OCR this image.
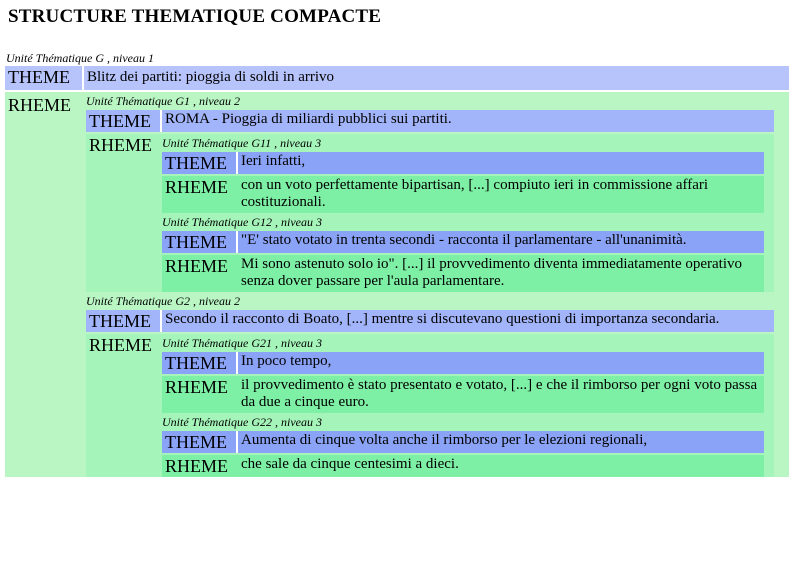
STRUCTURE THEMATIQUE COMPACTE
Unité Thématique G , niveau 1
THEME	Blitz dei partiti: pioggia di soldi in arrivo
RHEME	Unité Thématique G1 , niveau 2
THEME ROMA - Pioggia di miliardi pubblici sui partiti.
RHEME Unité Thématique G11 , niveau 3
THEME Ieri infatti,
RHEME con un voto perfettamente bipartisan, [...] compiuto ieri in commissione affari costituzionali.
Unité Thématique G12 , niveau 3
THEME "E' stato votato in trenta secondi - racconta il parlamentare - all'unanimità.
RHEME Mi sono astenuto solo io". [...] il provvedimento diventa immediatamente operativo senza dover passare per l'aula parlamentare.
Unité Thématique G2 , niveau 2
THEME Secondo il racconto di Boato, [...] mentre si discutevano questioni di importanza secondaria.
RHEME Unité Thématique G21 , niveau 3
THEME In poco tempo,
RHEME il provvedimento è stato presentato e votato, [...] e che il rimborso per ogni voto passa da due a cinque euro.
Unité Thématique G22 , niveau 3
THEME Aumenta di cinque volta anche il rimborso per le elezioni regionali,
RHEME che sale da cinque centesimi a dieci.
